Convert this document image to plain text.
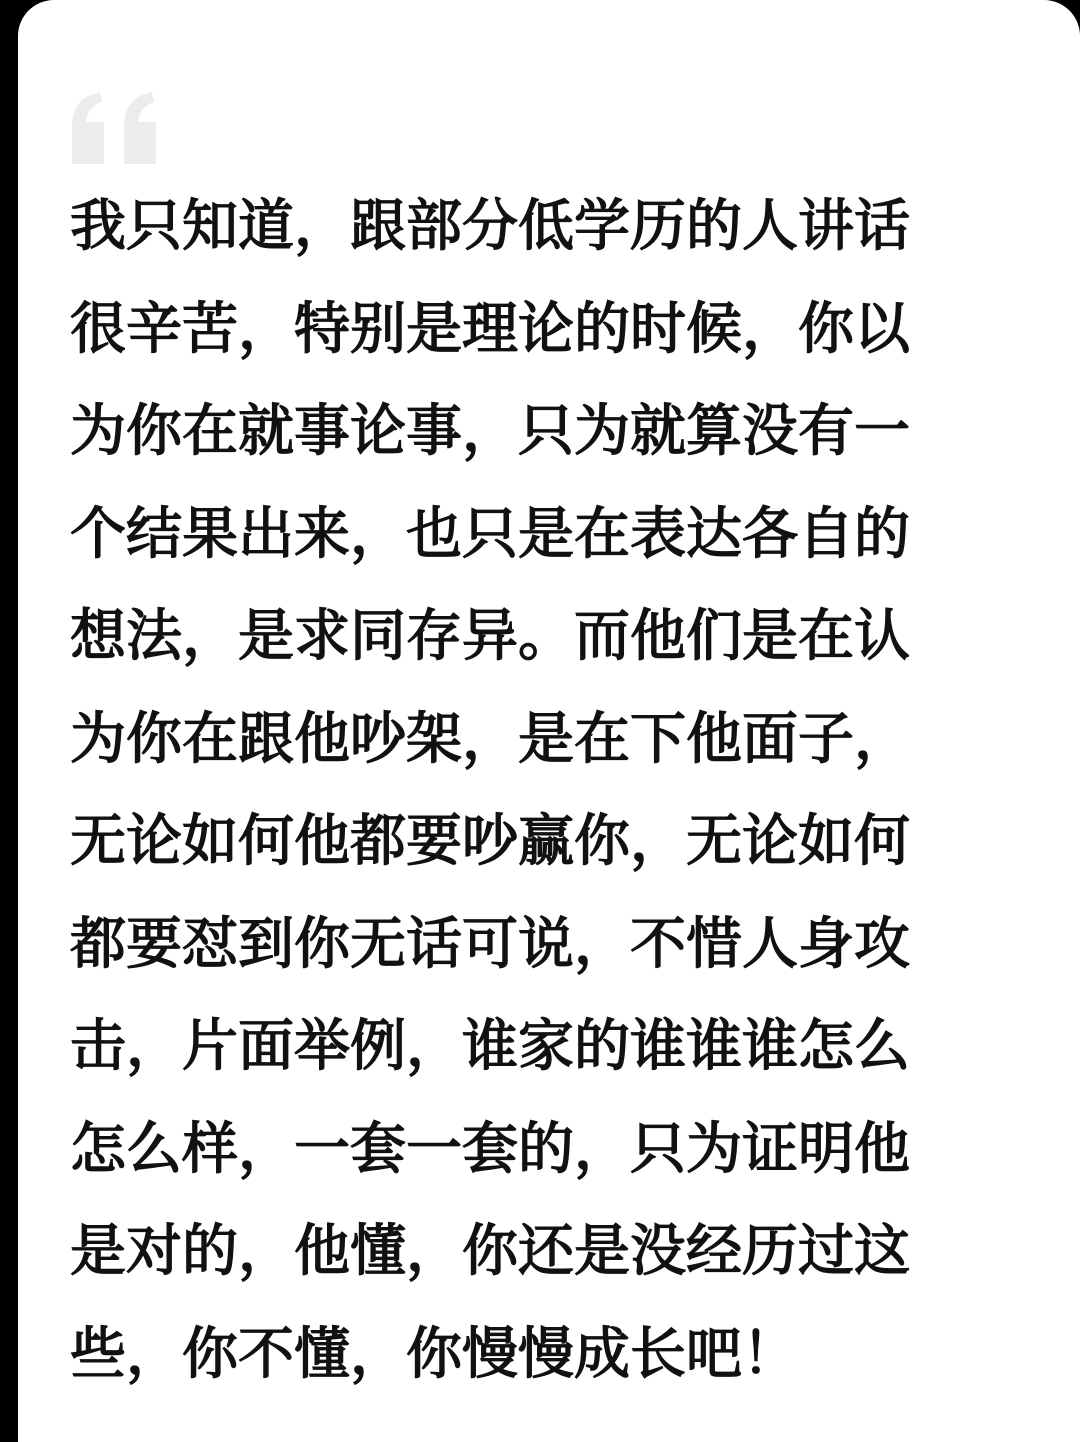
我只知道，跟部分低学历的人讲话
很辛苦，特别是理论的时候，你以
为你在就事论事，只为就算没有一
个结果出来，也只是在表达各自的
想法，是求同存异。而他们是在认
为你在跟他吵架，是在下他面子，
无论如何他都要吵赢你，无论如何
都要怼到你无话可说，不惜人身攻
击，片面举例，谁家的谁谁谁怎么
怎么样，一套一套的，只为证明他
是对的，他懂，你还是没经历过这
些，你不懂，你慢慢成长吧！
